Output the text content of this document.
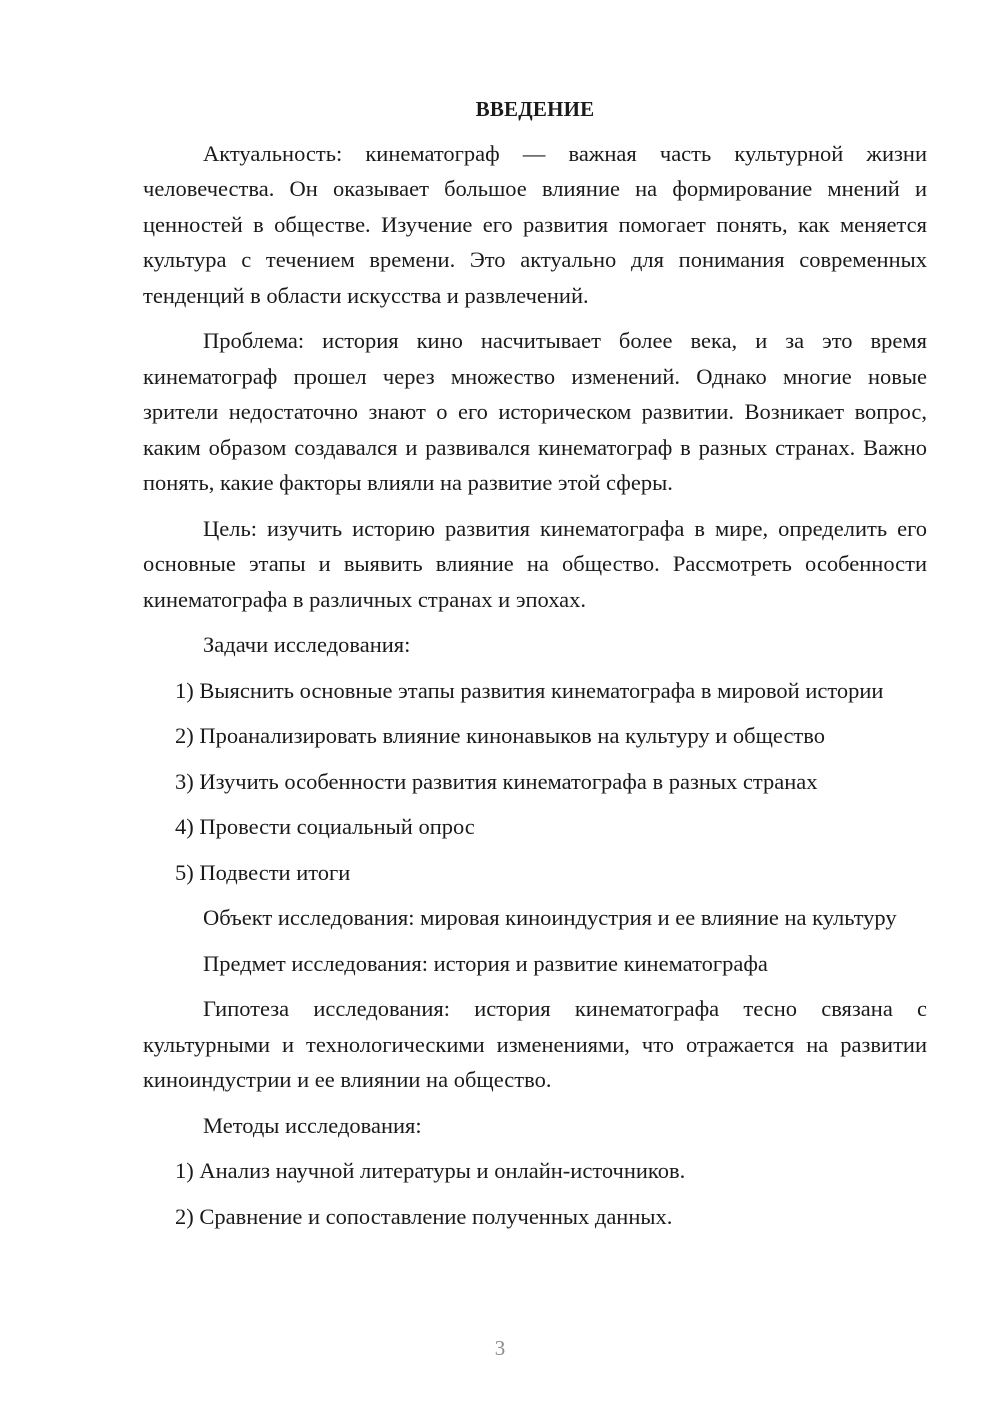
ВВЕДЕНИЕ

Актуальность: кинематограф — важная часть культурной жизни человечества. Он оказывает большое влияние на формирование мнений и ценностей в обществе. Изучение его развития помогает понять, как меняется культура с течением времени. Это актуально для понимания современных тенденций в области искусства и развлечений.

Проблема: история кино насчитывает более века, и за это время кинематограф прошел через множество изменений. Однако многие новые зрители недостаточно знают о его историческом развитии. Возникает вопрос, каким образом создавался и развивался кинематограф в разных странах. Важно понять, какие факторы влияли на развитие этой сферы.

Цель: изучить историю развития кинематографа в мире, определить его основные этапы и выявить влияние на общество. Рассмотреть особенности кинематографа в различных странах и эпохах.

Задачи исследования:

1) Выяснить основные этапы развития кинематографа в мировой истории

2) Проанализировать влияние кинонавыков на культуру и общество

3) Изучить особенности развития кинематографа в разных странах

4) Провести социальный опрос

5) Подвести итоги

Объект исследования: мировая киноиндустрия и ее влияние на культуру

Предмет исследования: история и развитие кинематографа

Гипотеза исследования: история кинематографа тесно связана с культурными и технологическими изменениями, что отражается на развитии киноиндустрии и ее влиянии на общество.

Методы исследования:

1) Анализ научной литературы и онлайн-источников.

2) Сравнение и сопоставление полученных данных.

3
